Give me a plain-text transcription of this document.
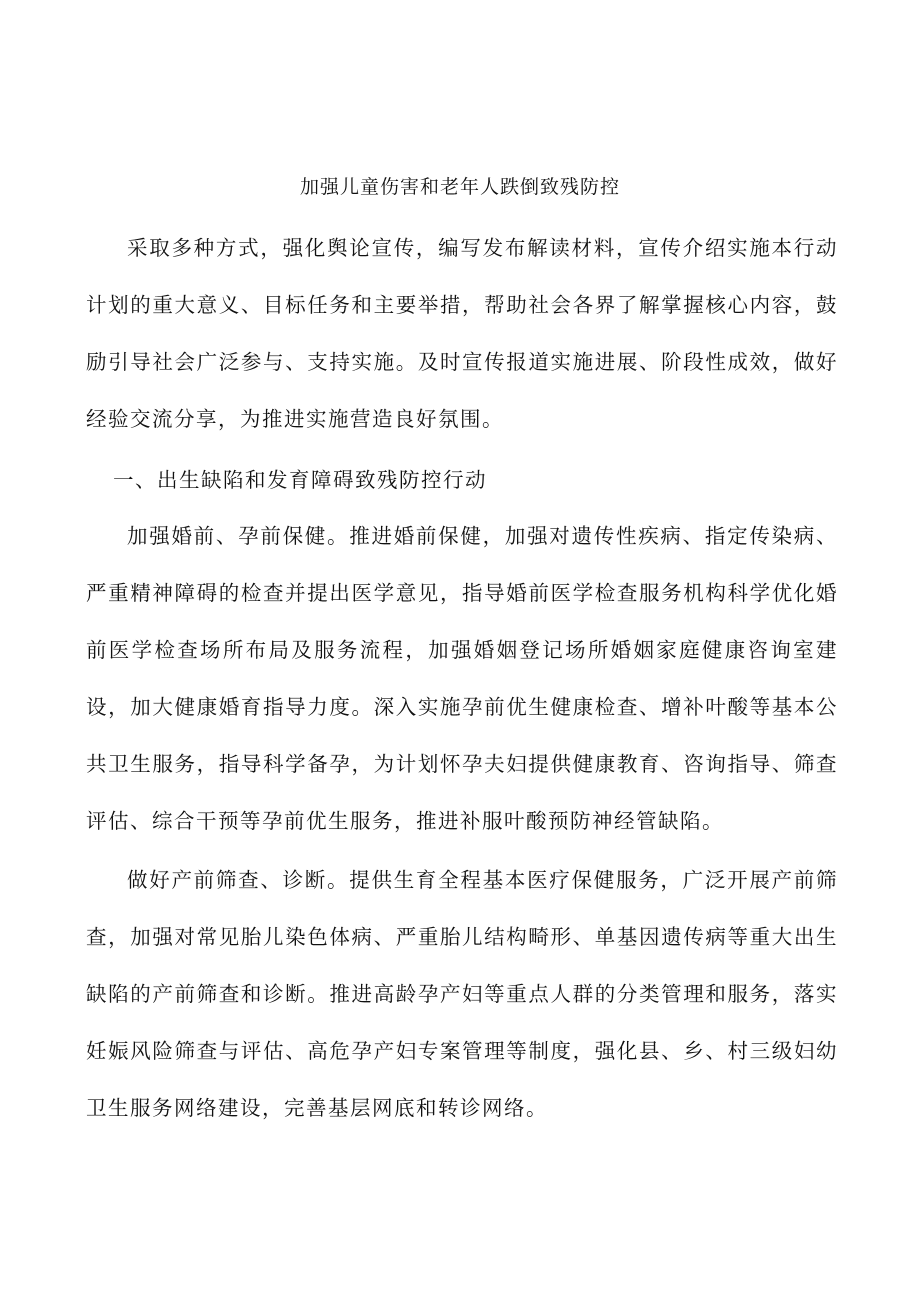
加强儿童伤害和老年人跌倒致残防控

采取多种方式，强化舆论宣传，编写发布解读材料，宣传介绍实施本行动计划的重大意义、目标任务和主要举措，帮助社会各界了解掌握核心内容，鼓励引导社会广泛参与、支持实施。及时宣传报道实施进展、阶段性成效，做好经验交流分享，为推进实施营造良好氛围。

一、出生缺陷和发育障碍致残防控行动

加强婚前、孕前保健。推进婚前保健，加强对遗传性疾病、指定传染病、严重精神障碍的检查并提出医学意见，指导婚前医学检查服务机构科学优化婚前医学检查场所布局及服务流程，加强婚姻登记场所婚姻家庭健康咨询室建设，加大健康婚育指导力度。深入实施孕前优生健康检查、增补叶酸等基本公共卫生服务，指导科学备孕，为计划怀孕夫妇提供健康教育、咨询指导、筛查评估、综合干预等孕前优生服务，推进补服叶酸预防神经管缺陷。

做好产前筛查、诊断。提供生育全程基本医疗保健服务，广泛开展产前筛查，加强对常见胎儿染色体病、严重胎儿结构畸形、单基因遗传病等重大出生缺陷的产前筛查和诊断。推进高龄孕产妇等重点人群的分类管理和服务，落实妊娠风险筛查与评估、高危孕产妇专案管理等制度，强化县、乡、村三级妇幼卫生服务网络建设，完善基层网底和转诊网络。
